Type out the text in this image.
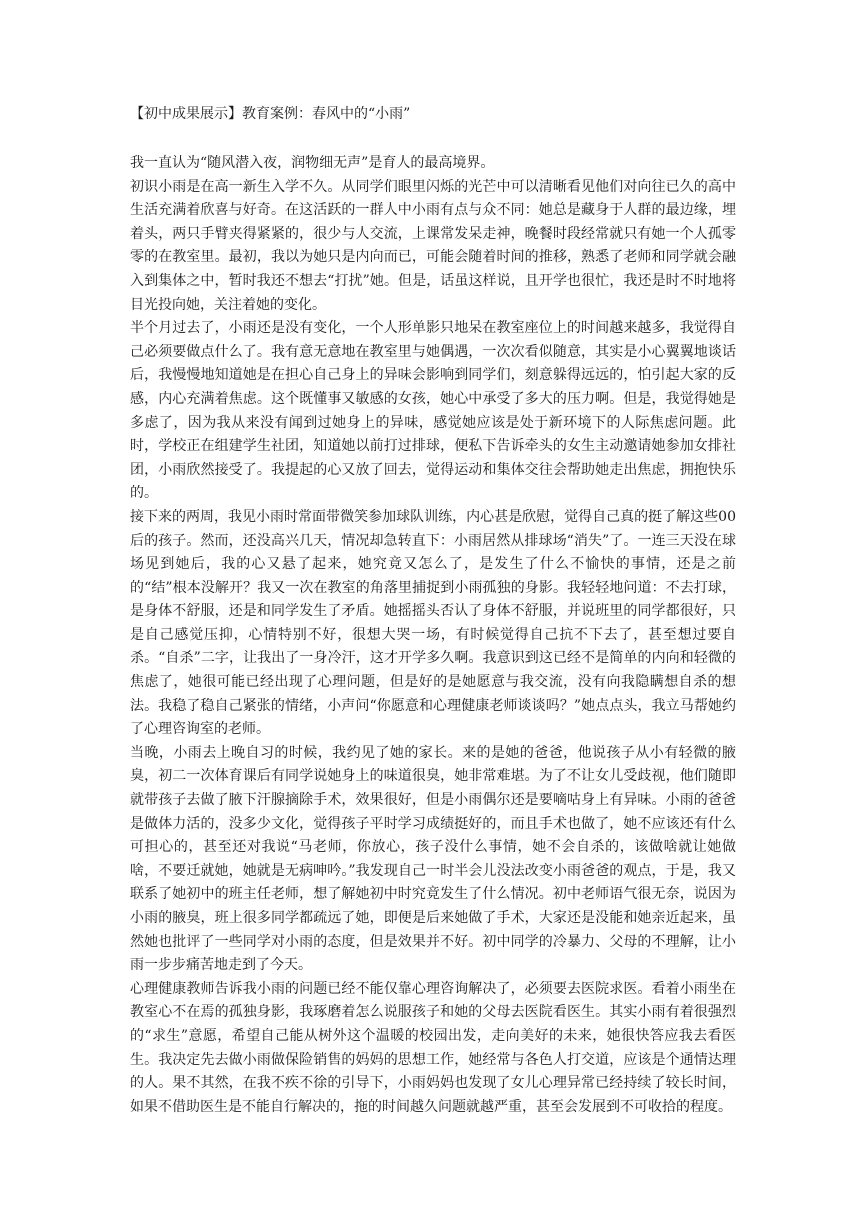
【初中成果展示】教育案例：春风中的“小雨”

我一直认为“随风潜入夜，润物细无声”是育人的最高境界。

初识小雨是在高一新生入学不久。从同学们眼里闪烁的光芒中可以清晰看见他们对向往已久的高中生活充满着欣喜与好奇。在这活跃的一群人中小雨有点与众不同：她总是藏身于人群的最边缘，埋着头，两只手臂夹得紧紧的，很少与人交流，上课常发呆走神，晚餐时段经常就只有她一个人孤零零的在教室里。最初，我以为她只是内向而已，可能会随着时间的推移，熟悉了老师和同学就会融入到集体之中，暂时我还不想去“打扰”她。但是，话虽这样说，且开学也很忙，我还是时不时地将目光投向她，关注着她的变化。

半个月过去了，小雨还是没有变化，一个人形单影只地呆在教室座位上的时间越来越多，我觉得自己必须要做点什么了。我有意无意地在教室里与她偶遇，一次次看似随意，其实是小心翼翼地谈话后，我慢慢地知道她是在担心自己身上的异味会影响到同学们，刻意躲得远远的，怕引起大家的反感，内心充满着焦虑。这个既懂事又敏感的女孩，她心中承受了多大的压力啊。但是，我觉得她是多虑了，因为我从来没有闻到过她身上的异味，感觉她应该是处于新环境下的人际焦虑问题。此时，学校正在组建学生社团，知道她以前打过排球，便私下告诉牵头的女生主动邀请她参加女排社团，小雨欣然接受了。我提起的心又放了回去，觉得运动和集体交往会帮助她走出焦虑，拥抱快乐的。

接下来的两周，我见小雨时常面带微笑参加球队训练，内心甚是欣慰，觉得自己真的挺了解这些00后的孩子。然而，还没高兴几天，情况却急转直下：小雨居然从排球场“消失”了。一连三天没在球场见到她后，我的心又悬了起来，她究竟又怎么了，是发生了什么不愉快的事情，还是之前的“结”根本没解开？我又一次在教室的角落里捕捉到小雨孤独的身影。我轻轻地问道：不去打球，是身体不舒服，还是和同学发生了矛盾。她摇摇头否认了身体不舒服，并说班里的同学都很好，只是自己感觉压抑，心情特别不好，很想大哭一场，有时候觉得自己抗不下去了，甚至想过要自杀。“自杀”二字，让我出了一身冷汗，这才开学多久啊。我意识到这已经不是简单的内向和轻微的焦虑了，她很可能已经出现了心理问题，但是好的是她愿意与我交流，没有向我隐瞒想自杀的想法。我稳了稳自己紧张的情绪，小声问“你愿意和心理健康老师谈谈吗？”她点点头，我立马帮她约了心理咨询室的老师。

当晚，小雨去上晚自习的时候，我约见了她的家长。来的是她的爸爸，他说孩子从小有轻微的腋臭，初二一次体育课后有同学说她身上的味道很臭，她非常难堪。为了不让女儿受歧视，他们随即就带孩子去做了腋下汗腺摘除手术，效果很好，但是小雨偶尔还是要嘀咕身上有异味。小雨的爸爸是做体力活的，没多少文化，觉得孩子平时学习成绩挺好的，而且手术也做了，她不应该还有什么可担心的，甚至还对我说“马老师，你放心，孩子没什么事情，她不会自杀的，该做啥就让她做啥，不要迁就她，她就是无病呻吟。”我发现自己一时半会儿没法改变小雨爸爸的观点，于是，我又联系了她初中的班主任老师，想了解她初中时究竟发生了什么情况。初中老师语气很无奈，说因为小雨的腋臭，班上很多同学都疏远了她，即便是后来她做了手术，大家还是没能和她亲近起来，虽然她也批评了一些同学对小雨的态度，但是效果并不好。初中同学的冷暴力、父母的不理解，让小雨一步步痛苦地走到了今天。

心理健康教师告诉我小雨的问题已经不能仅靠心理咨询解决了，必须要去医院求医。看着小雨坐在教室心不在焉的孤独身影，我琢磨着怎么说服孩子和她的父母去医院看医生。其实小雨有着很强烈的“求生”意愿，希望自己能从树外这个温暖的校园出发，走向美好的未来，她很快答应我去看医生。我决定先去做小雨做保险销售的妈妈的思想工作，她经常与各色人打交道，应该是个通情达理的人。果不其然，在我不疾不徐的引导下，小雨妈妈也发现了女儿心理异常已经持续了较长时间，如果不借助医生是不能自行解决的，拖的时间越久问题就越严重，甚至会发展到不可收拾的程度。
